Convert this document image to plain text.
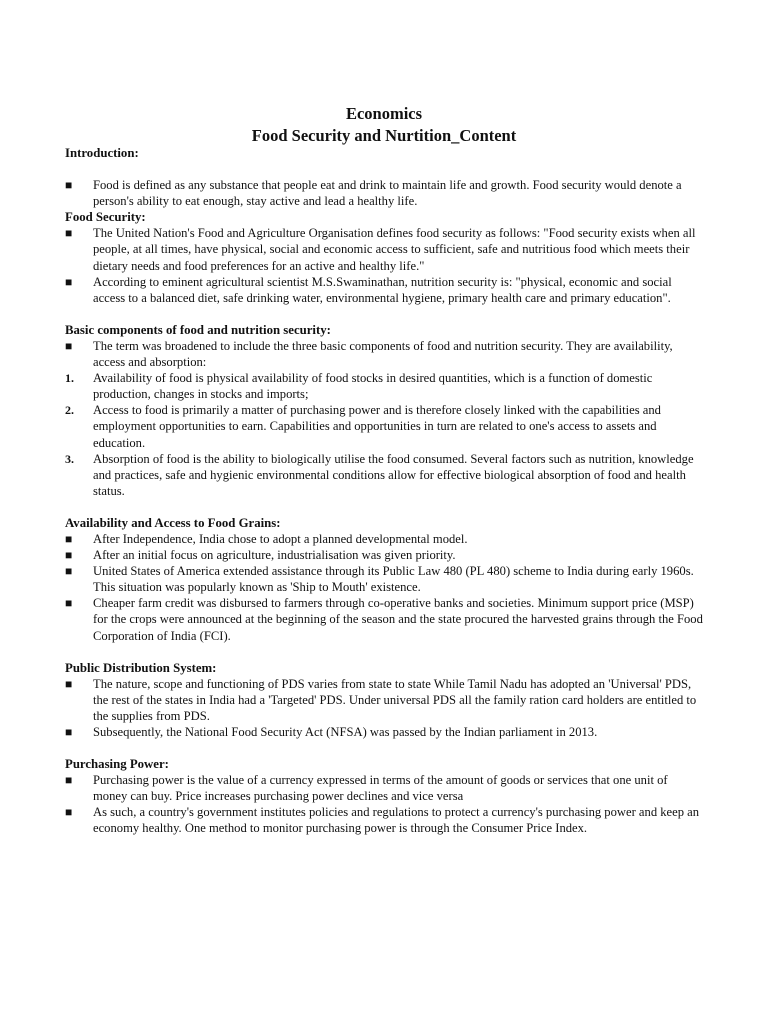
Economics
Food Security and Nurtition_Content
Introduction:
■	Food is defined as any substance that people eat and drink to maintain life and growth. Food security would denote a person's ability to eat enough, stay active and lead a healthy life.
Food Security:
■	The United Nation's Food and Agriculture Organisation defines food security as follows: "Food security exists when all people, at all times, have physical, social and economic access to sufficient, safe and nutritious food which meets their dietary needs and food preferences for an active and healthy life."
■	According to eminent agricultural scientist M.S.Swaminathan, nutrition security is: "physical, economic and social access to a balanced diet, safe drinking water, environmental hygiene, primary health care and primary education".
Basic components of food and nutrition security:
■	The term was broadened to include the three basic components of food and nutrition security. They are availability, access and absorption:
1.	Availability of food is physical availability of food stocks in desired quantities, which is a function of domestic production, changes in stocks and imports;
2.	Access to food is primarily a matter of purchasing power and is therefore closely linked with the capabilities and employment opportunities to earn. Capabilities and opportunities in turn are related to one's access to assets and education.
3.	Absorption of food is the ability to biologically utilise the food consumed. Several factors such as nutrition, knowledge and practices, safe and hygienic environmental conditions allow for effective biological absorption of food and health status.
Availability and Access to Food Grains:
■	After Independence, India chose to adopt a planned developmental model.
■	After an initial focus on agriculture, industrialisation was given priority.
■	United States of America extended assistance through its Public Law 480 (PL 480) scheme to India during early 1960s. This situation was popularly known as 'Ship to Mouth' existence.
■	Cheaper farm credit was disbursed to farmers through co-operative banks and societies. Minimum support price (MSP) for the crops were announced at the beginning of the season and the state procured the harvested grains through the Food Corporation of India (FCI).
Public Distribution System:
■	The nature, scope and functioning of PDS varies from state to state While Tamil Nadu has adopted an 'Universal' PDS, the rest of the states in India had a 'Targeted' PDS. Under universal PDS all the family ration card holders are entitled to the supplies from PDS.
■	Subsequently, the National Food Security Act (NFSA) was passed by the Indian parliament in 2013.
Purchasing Power:
■	Purchasing power is the value of a currency expressed in terms of the amount of goods or services that one unit of money can buy. Price increases purchasing power declines and vice versa
■	As such, a country's government institutes policies and regulations to protect a currency's purchasing power and keep an economy healthy. One method to monitor purchasing power is through the Consumer Price Index.
